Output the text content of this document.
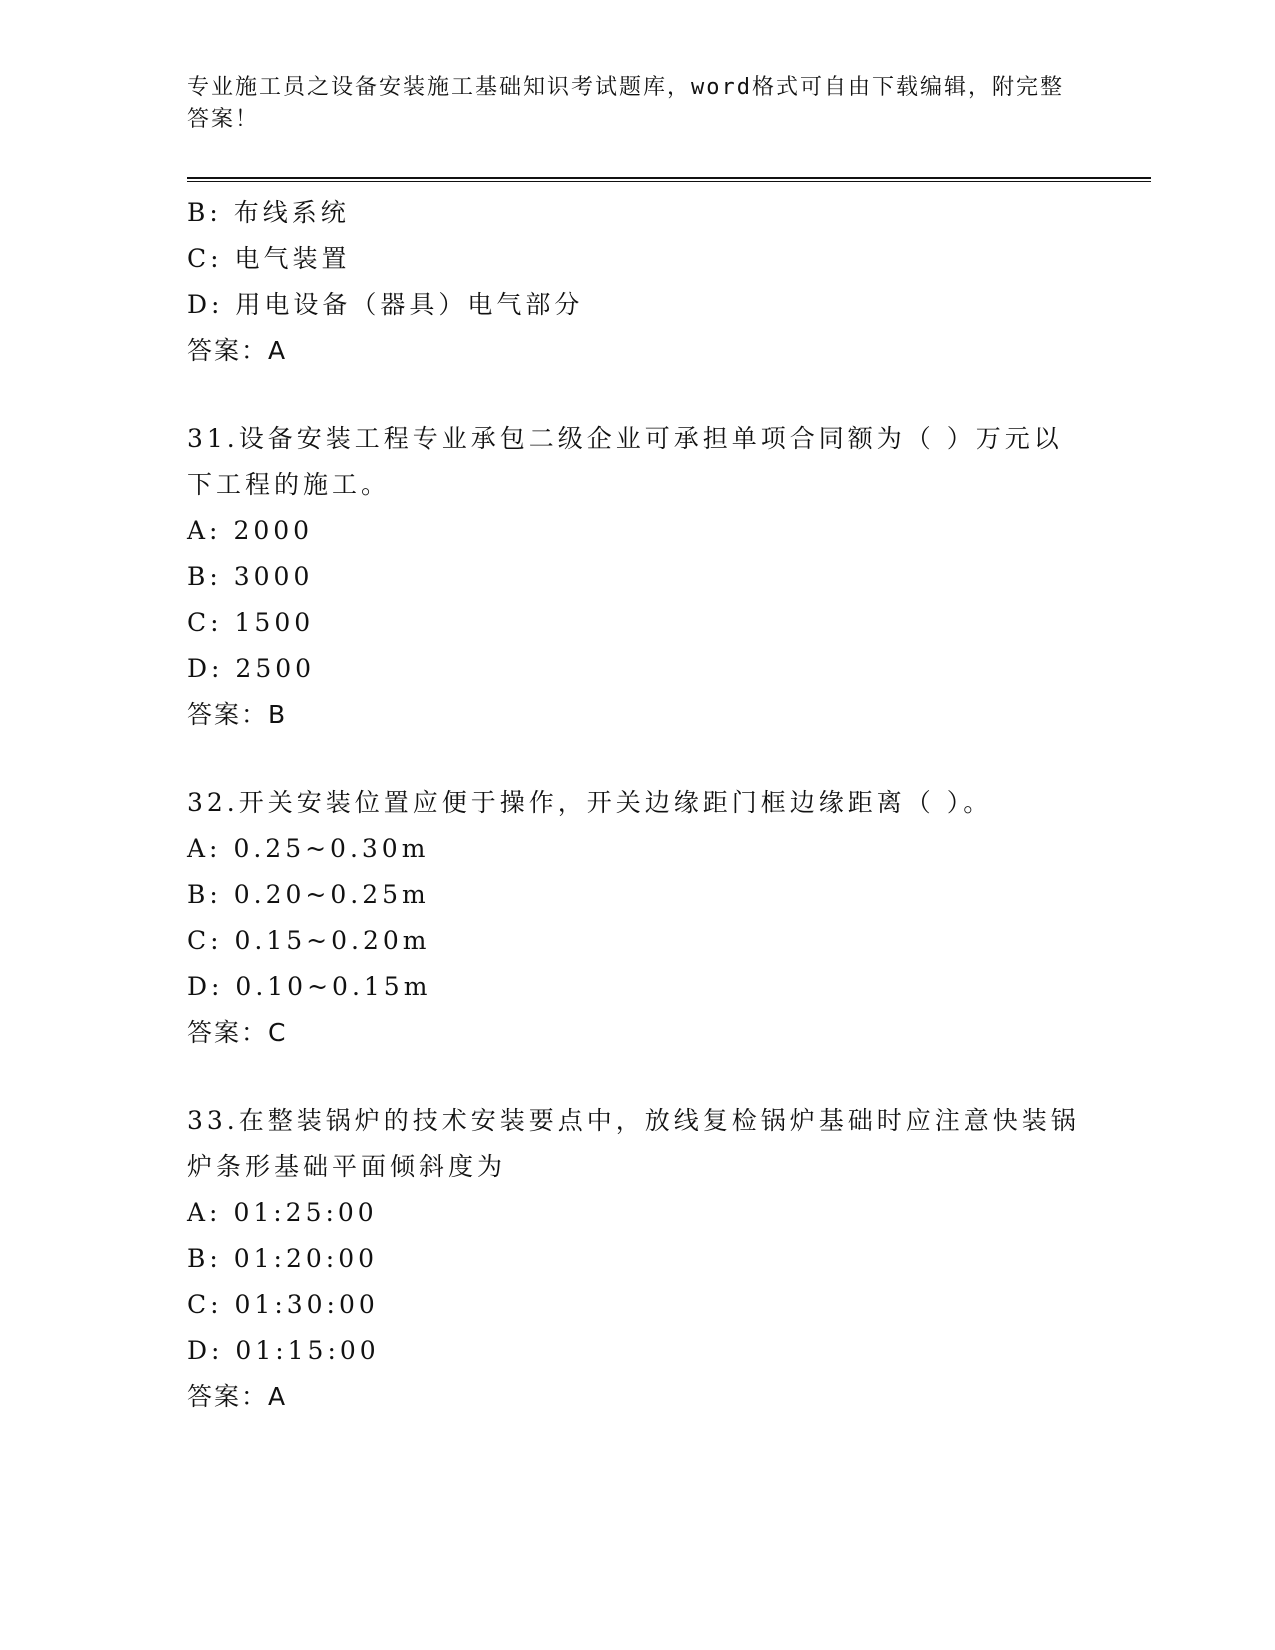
专业施工员之设备安装施工基础知识考试题库，word格式可自由下载编辑，附完整答案！
B: 布线系统
C: 电气装置
D: 用电设备（器具）电气部分
答案：A
31.设备安装工程专业承包二级企业可承担单项合同额为（ ）万元以下工程的施工。
A: 2000
B: 3000
C: 1500
D: 2500
答案：B
32.开关安装位置应便于操作，开关边缘距门框边缘距离（ ）。
A: 0.25~0.30m
B: 0.20~0.25m
C: 0.15~0.20m
D: 0.10~0.15m
答案：C
33.在整装锅炉的技术安装要点中，放线复检锅炉基础时应注意快装锅炉条形基础平面倾斜度为
A: 01:25:00
B: 01:20:00
C: 01:30:00
D: 01:15:00
答案：A
